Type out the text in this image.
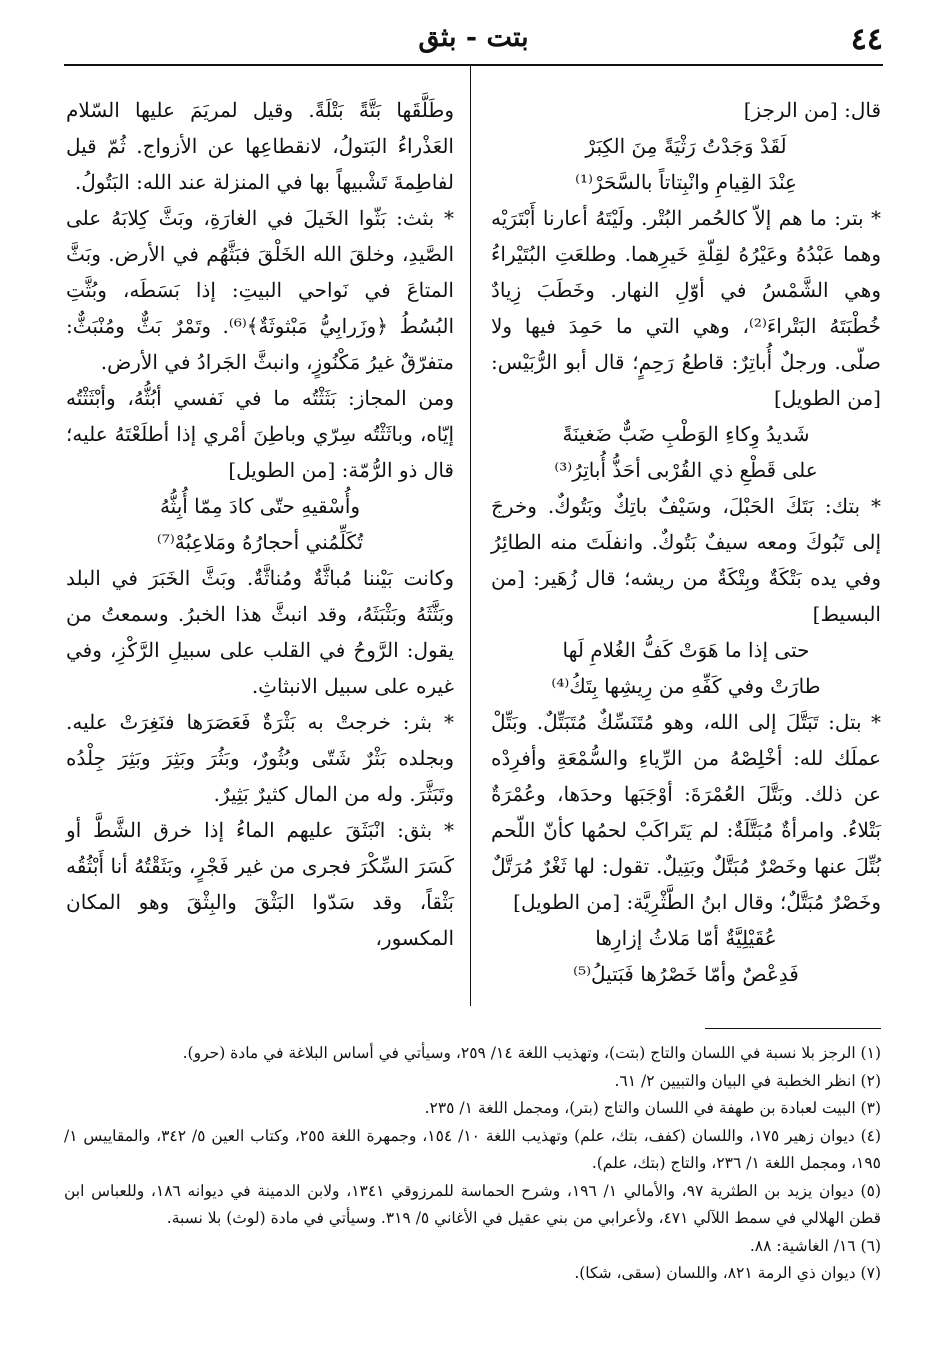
٤٤
بتت - بثق

قال: [من الرجز]

لَقَدْ وَجَدْتُ رَثْيَةً مِنَ الكِبَرْ

عِنْدَ القِيامِ وانْبِتاتاً بالسَّحَرْ⁽¹⁾

* بتر: ما هم إلاّ كالحُمر البُتْر. ولَيْتَهُ أعارنا أَبْتَرَيْه وهما عَبْدُهُ وعَيْرُهُ لقِلّةِ خَيرِهما. وطلعَتِ البُتَيْراءُ وهي الشَّمْسُ في أوّلِ النهار. وخَطَبَ زِيادٌ خُطْبَتَهُ البَتْراءَ⁽²⁾، وهي التي ما حَمِدَ فيها ولا صلّى. ورجلٌ أُباتِرٌ: قاطعُ رَحِمٍ؛ قال أبو الرُّبَيْس: [من الطويل]

شَديدُ وِكاءِ الوَطْبِ ضَبٌّ ضَغينَةً

على قَطْعِ ذي القُرْبى أحَذُّ أُباتِرُ⁽³⁾

* بتك: بَتَكَ الحَبْلَ، وسَيْفٌ باتِكٌ وبَتُوكٌ. وخرجَ إلى تَبُوكَ ومعه سيفٌ بَتُوكٌ. وانفلَتَ منه الطائِرُ وفي يده بَتْكَةٌ وبِتْكَةٌ من ريشه؛ قال زُهَير: [من البسيط]

حتى إذا ما هَوَتْ كَفُّ الغُلامِ لَها

طارَتْ وفي كَفِّهِ من رِيشِها بِتَكُ⁽⁴⁾

* بتل: تَبَتَّلَ إلى الله، وهو مُتَنَسِّكٌ مُتَبَتِّلٌ. وبَتِّلْ عملَك لله: أخْلِصْهُ من الرِّياءِ والسُّمْعَةِ وأفرِدْه عن ذلك. وبَتَّلَ العُمْرَةَ: أوْجَبَها وحدَها، وعُمْرَةٌ بَتْلاءُ. وامرأةٌ مُبَتَّلَةٌ: لم يَتَراكَبْ لحمُها كأنّ اللّحم بُتِّلَ عنها وخَصْرٌ مُبَتَّلٌ وبَتِيلٌ. تقول: لها ثَغْرٌ مُرَتَّلٌ وخَصْرٌ مُبَتَّلٌ؛ وقال ابنُ الطَّثْرِيَّة: [من الطويل]

عُقَيْلِيَّةٌ أمّا مَلاثُ إزارِها

فَدِعْصٌ وأمّا خَصْرُها فَبَتيلُ⁽⁵⁾

وطَلَّقَها بَتَّةً بَتْلَةً. وقيل لمريَمَ عليها السّلام العَذْراءُ البَتولُ، لانقطاعِها عن الأزواج. ثُمّ قيل لفاطِمةَ تَشْبيهاً بها في المنزلة عند الله: البَتُولُ.

* بثث: بَثّوا الخَيلَ في الغارَةِ، وبَثَّ كِلابَهُ على الصَّيدِ، وخلقَ الله الخَلْقَ فبَثَّهُم في الأرض. وبَثَّ المتاعَ في نَواحي البيتِ: إذا بَسَطَه، وبُثَّتِ البُسُطُ ﴿وزَرابِيُّ مَبْثوثَةٌ﴾⁽⁶⁾. وتَمْرٌ بَثٌّ ومُنْبَثٌّ: متفرّقٌ غيرُ مَكْنُوزٍ، وانبثَّ الجَرادُ في الأرض.

ومن المجاز: بَثَثْتُه ما في نَفسي أبُثُّهُ، وأبْثَثْتُه إيّاه، وباثَثْتُه سِرّي وباطِنَ أمْري إذا أطلَعْتَهُ عليه؛ قال ذو الرُّمّة: [من الطويل]

وأُسْقيهِ حتّى كادَ مِمّا أُبِثُّهُ

تُكَلِّمُني أحجارُهُ ومَلاعِبُهْ⁽⁷⁾

وكانت بَيْننا مُباثَّةٌ ومُناثَّةٌ. وبَثَّ الخَبَرَ في البلد وبَثَّثَهُ وبَثْبَثَهُ، وقد انبثَّ هذا الخبرُ. وسمعتُ من يقول: الرَّوحُ في القلب على سبيلِ الرَّكْزِ، وفي غيره على سبيل الانبثاثِ.

* بثر: خرجتْ به بَثْرَةٌ فَعَصَرَها فنَغِرَتْ عليه. وبجلده بَثْرٌ شَتّى وبُثُورٌ، وبَثُرَ وبَثِرَ وبَثِرَ جِلْدُه وتَبَثَّرَ. وله من المال كثيرٌ بَثِيرٌ.

* بثق: انْبَثَقَ عليهم الماءُ إذا خرق الشَّطَّ أو كَسَرَ السِّكْرَ فجرى من غير فَجْرٍ، وبَثَقْتُهُ أنا أَبْثُقُه بَثْقاً، وقد سَدّوا البَثْقَ والبِثْقَ وهو المكان المكسور،

(١) الرجز بلا نسبة في اللسان والتاج (بتت)، وتهذيب اللغة ١٤/ ٢٥٩، وسيأتي في أساس البلاغة في مادة (حرو).

(٢) انظر الخطبة في البيان والتبيين ٢/ ٦١.

(٣) البيت لعبادة بن طهفة في اللسان والتاج (بتر)، ومجمل اللغة ١/ ٢٣٥.

(٤) ديوان زهير ١٧٥، واللسان (كفف، بتك، علم) وتهذيب اللغة ١٠/ ١٥٤، وجمهرة اللغة ٢٥٥، وكتاب العين ٥/ ٣٤٢، والمقاييس ١/ ١٩٥، ومجمل اللغة ١/ ٢٣٦، والتاج (بتك، علم).

(٥) ديوان يزيد بن الطثرية ٩٧، والأمالي ١/ ١٩٦، وشرح الحماسة للمرزوقي ١٣٤١، ولابن الدمينة في ديوانه ١٨٦، وللعباس ابن قطن الهلالي في سمط اللآلي ٤٧١، ولأعرابي من بني عقيل في الأغاني ٥/ ٣١٩. وسيأتي في مادة (لوث) بلا نسبة.

(٦) ١٦/ الغاشية: ٨٨.

(٧) ديوان ذي الرمة ٨٢١، واللسان (سقى، شكا).
